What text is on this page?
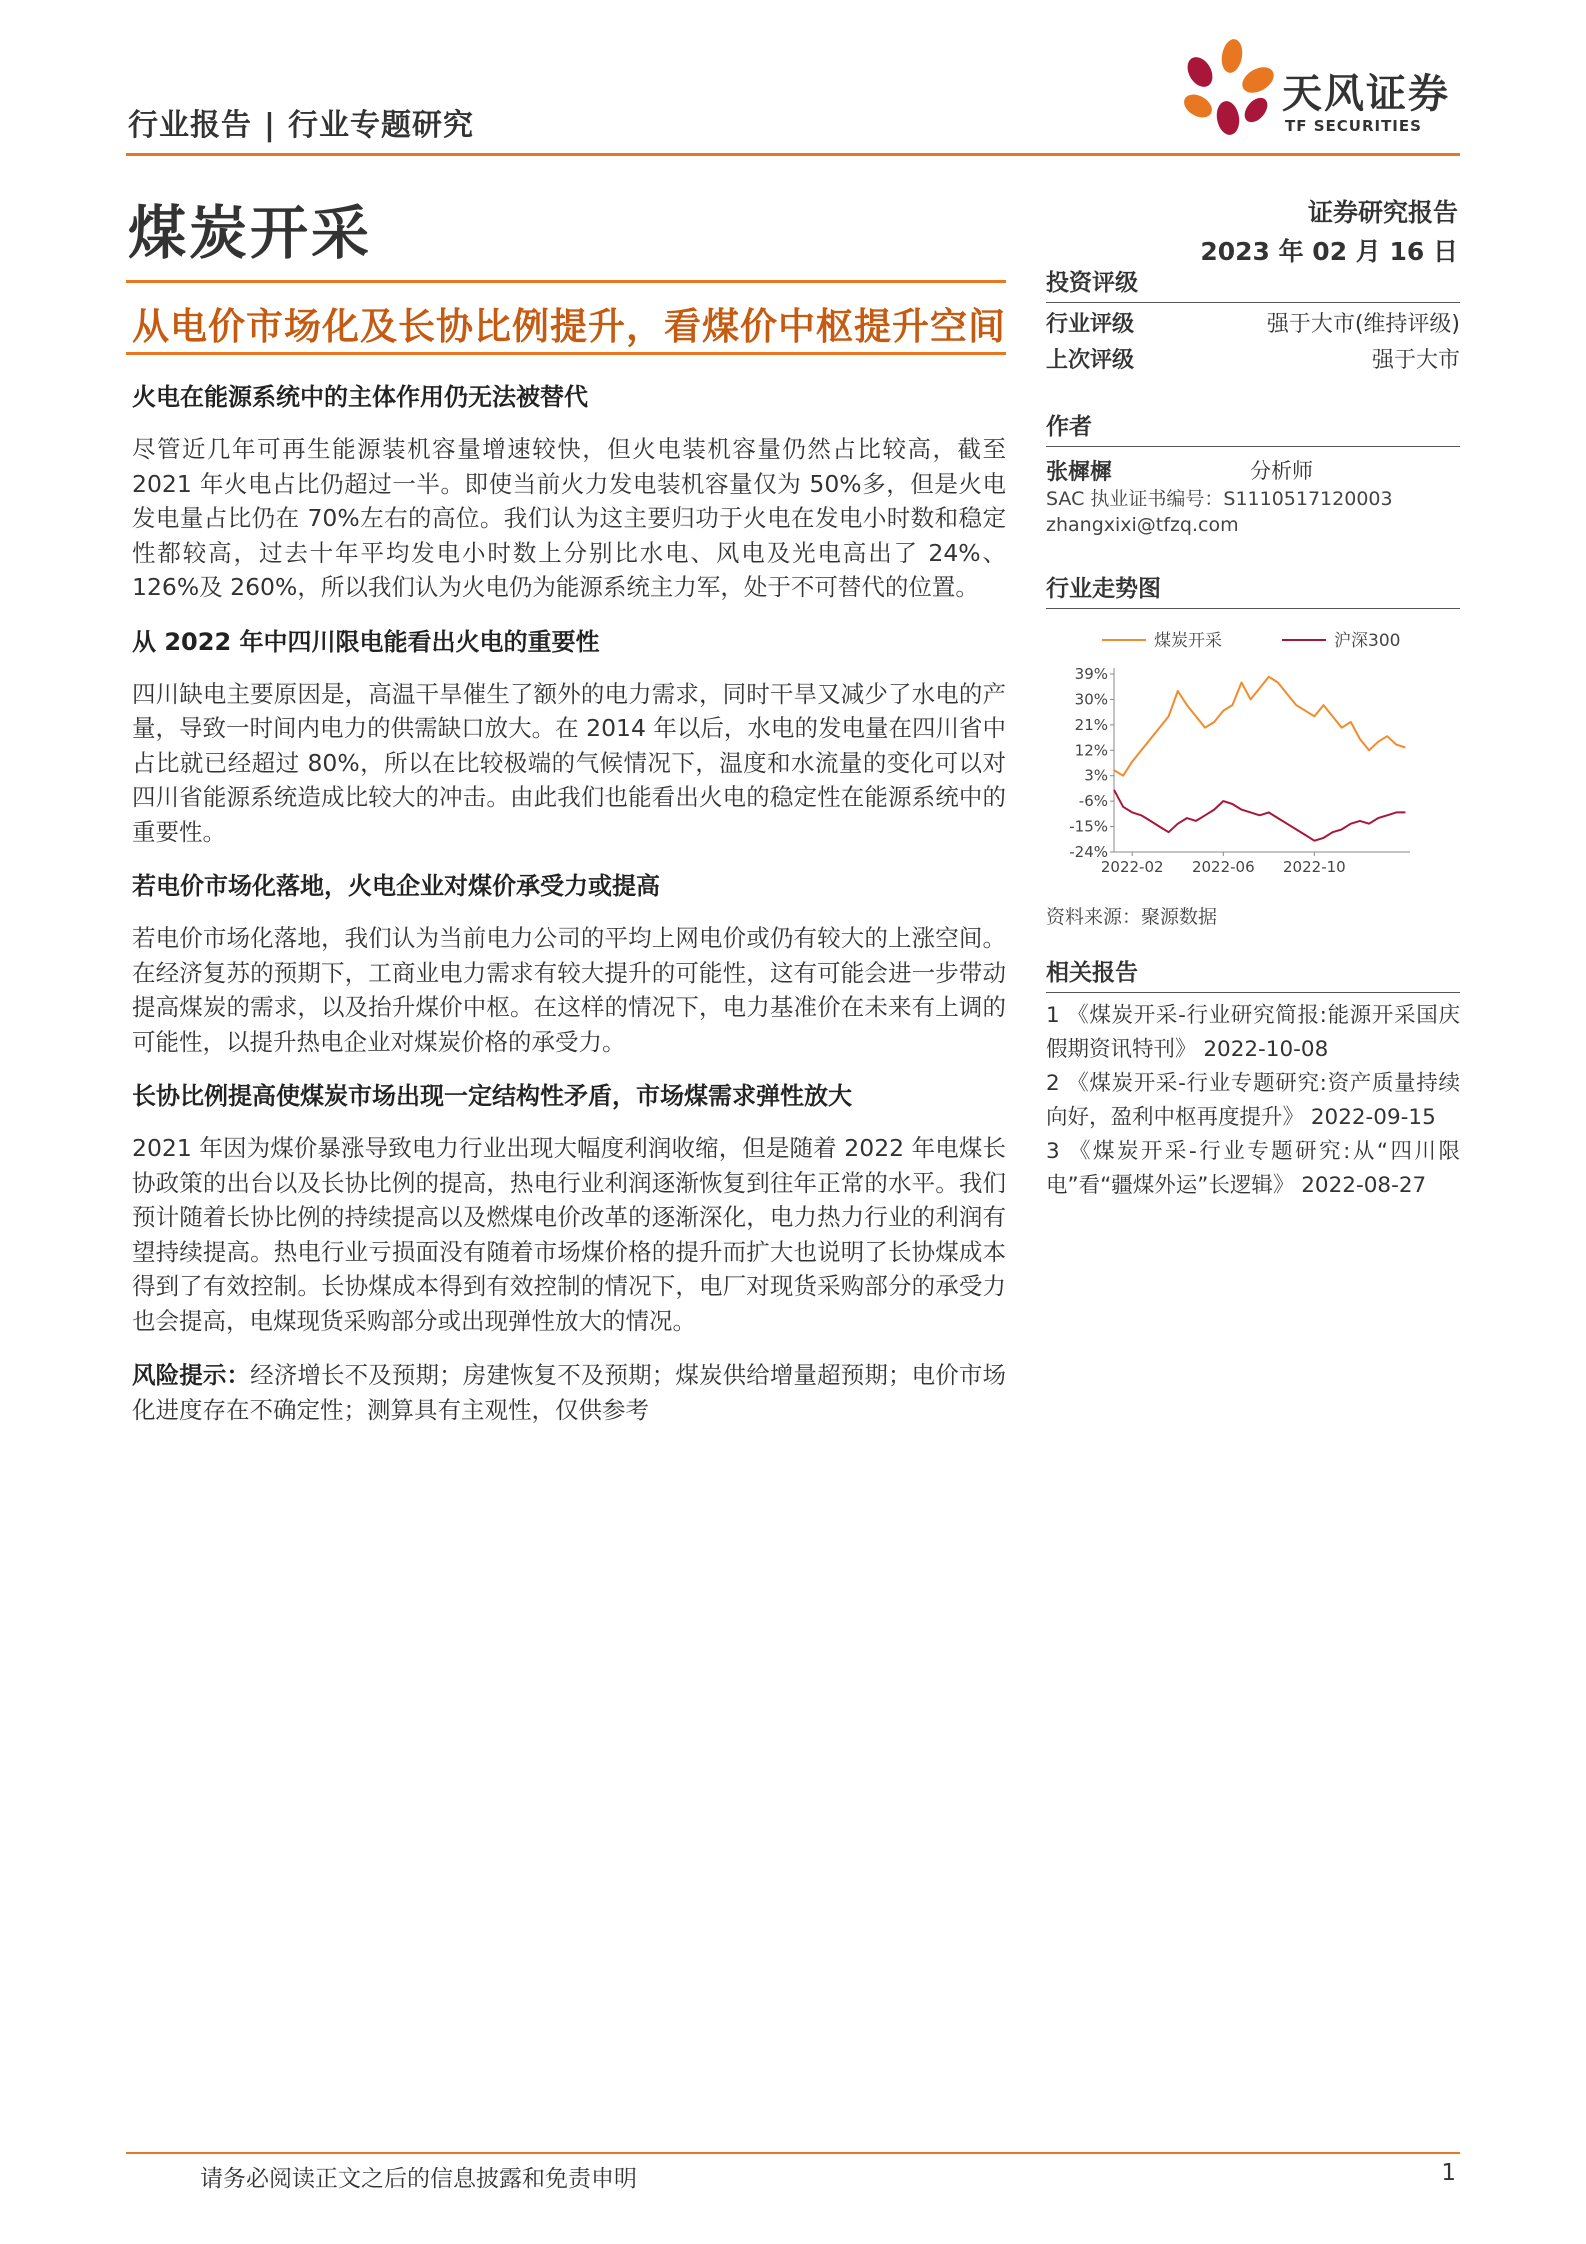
行业报告 | 行业专题研究
天风证券
TF SECURITIES
煤炭开采	证券研究报告
2023 年 02 月 16 日
从电价市场化及长协比例提升，看煤价中枢提升空间
火电在能源系统中的主体作用仍无法被替代
尽管近几年可再生能源装机容量增速较快，但火电装机容量仍然占比较高，截至 2021 年火电占比仍超过一半。即使当前火力发电装机容量仅为 50%多，但是火电发电量占比仍在 70%左右的高位。我们认为这主要归功于火电在发电小时数和稳定性都较高，过去十年平均发电小时数上分别比水电、风电及光电高出了 24%、126%及 260%，所以我们认为火电仍为能源系统主力军，处于不可替代的位置。
从 2022 年中四川限电能看出火电的重要性
四川缺电主要原因是，高温干旱催生了额外的电力需求，同时干旱又减少了水电的产量，导致一时间内电力的供需缺口放大。在 2014 年以后，水电的发电量在四川省中占比就已经超过 80%，所以在比较极端的气候情况下，温度和水流量的变化可以对四川省能源系统造成比较大的冲击。由此我们也能看出火电的稳定性在能源系统中的重要性。
若电价市场化落地，火电企业对煤价承受力或提高
若电价市场化落地，我们认为当前电力公司的平均上网电价或仍有较大的上涨空间。在经济复苏的预期下，工商业电力需求有较大提升的可能性，这有可能会进一步带动提高煤炭的需求，以及抬升煤价中枢。在这样的情况下，电力基准价在未来有上调的可能性，以提升热电企业对煤炭价格的承受力。
长协比例提高使煤炭市场出现一定结构性矛盾，市场煤需求弹性放大
2021 年因为煤价暴涨导致电力行业出现大幅度利润收缩，但是随着 2022 年电煤长协政策的出台以及长协比例的提高，热电行业利润逐渐恢复到往年正常的水平。我们预计随着长协比例的持续提高以及燃煤电价改革的逐渐深化，电力热力行业的利润有望持续提高。热电行业亏损面没有随着市场煤价格的提升而扩大也说明了长协煤成本得到了有效控制。长协煤成本得到有效控制的情况下，电厂对现货采购部分的承受力也会提高，电煤现货采购部分或出现弹性放大的情况。
风险提示：经济增长不及预期；房建恢复不及预期；煤炭供给增量超预期；电价市场化进度存在不确定性；测算具有主观性，仅供参考
投资评级
行业评级	强于大市(维持评级)
上次评级	强于大市
作者
张樨樨	分析师
SAC 执业证书编号：S1110517120003
zhangxixi@tfzq.com
行业走势图
煤炭开采	沪深300
39%
30%
21%
12%
3%
-6%
-15%
-24%
2022-02 2022-06 2022-10
资料来源：聚源数据
相关报告
1 《煤炭开采-行业研究简报:能源开采国庆假期资讯特刊》 2022-10-08
2 《煤炭开采-行业专题研究:资产质量持续向好，盈利中枢再度提升》 2022-09-15
3 《煤炭开采-行业专题研究:从“四川限电”看“疆煤外运”长逻辑》 2022-08-27
请务必阅读正文之后的信息披露和免责申明	1
